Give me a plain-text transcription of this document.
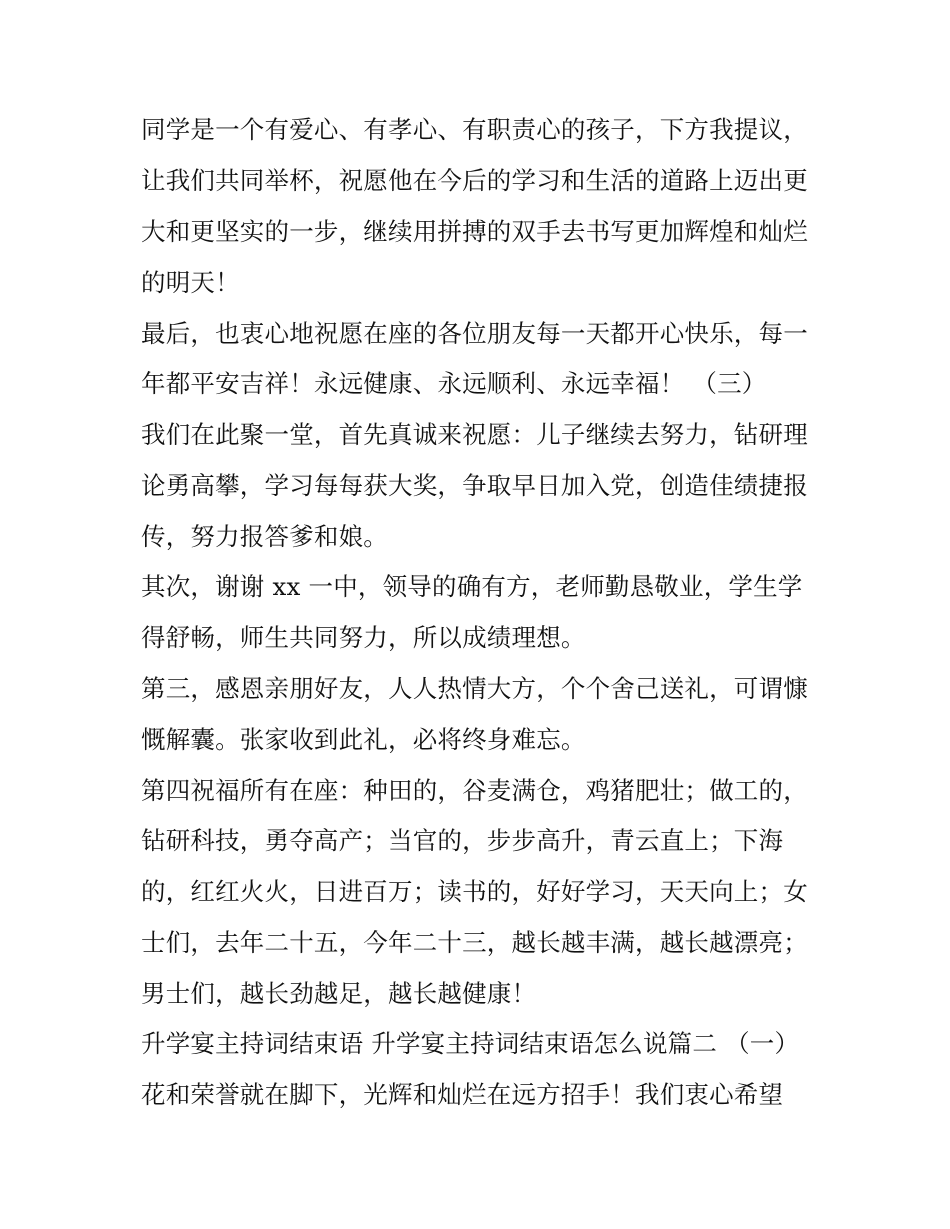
同学是一个有爱心、有孝心、有职责心的孩子，下方我提议，
让我们共同举杯，祝愿他在今后的学习和生活的道路上迈出更
大和更坚实的一步，继续用拼搏的双手去书写更加辉煌和灿烂
的明天！
最后，也衷心地祝愿在座的各位朋友每一天都开心快乐，每一
年都平安吉祥！永远健康、永远顺利、永远幸福！ （三）
我们在此聚一堂，首先真诚来祝愿：儿子继续去努力，钻研理
论勇高攀，学习每每获大奖，争取早日加入党，创造佳绩捷报
传，努力报答爹和娘。
其次，谢谢 xx 一中，领导的确有方，老师勤恳敬业，学生学
得舒畅，师生共同努力，所以成绩理想。
第三，感恩亲朋好友，人人热情大方，个个舍己送礼，可谓慷
慨解囊。张家收到此礼，必将终身难忘。
第四祝福所有在座：种田的，谷麦满仓，鸡猪肥壮；做工的，
钻研科技，勇夺高产；当官的，步步高升，青云直上；下海
的，红红火火，日进百万；读书的，好好学习，天天向上；女
士们，去年二十五，今年二十三，越长越丰满，越长越漂亮；
男士们，越长劲越足，越长越健康！
升学宴主持词结束语 升学宴主持词结束语怎么说篇二 （一）
花和荣誉就在脚下，光辉和灿烂在远方招手！我们衷心希望
